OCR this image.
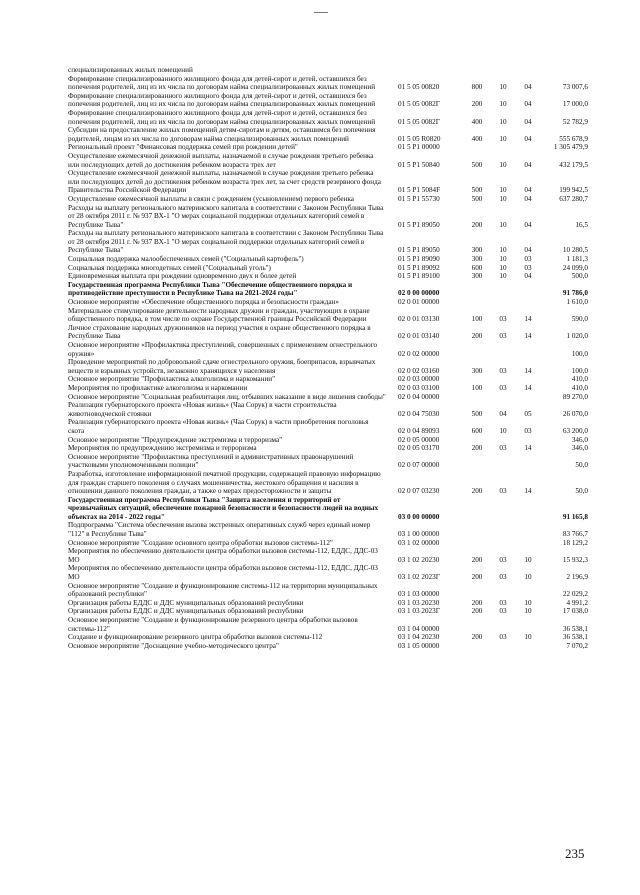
специализированных жилых помещений
Формирование специализированного жилищного фонда для детей-сирот и детей, оставшихся без попечения родителей, лиц из их числа по договорам найма специализированных жилых помещений	01 5 05 00820	800	10	04	73 007,6
Формирование специализированного жилищного фонда для детей-сирот и детей, оставшихся без попечения родителей, лиц из их числа по договорам найма специализированных жилых помещений	01 5 05 0082Г	200	10	04	17 000,0
Формирование специализированного жилищного фонда для детей-сирот и детей, оставшихся без попечения родителей, лиц из их числа по договорам найма специализированных жилых помещений	01 5 05 0082Г	400	10	04	52 782,9
Субсидии на предоставление жилых помещений детям-сиротам и детям, оставшимся без попечения родителей, лицам из их числа по договорам найма специализированных жилых помещений	01 5 05 R0820	400	10	04	555 678,9
Региональный проект "Финансовая поддержка семей при рождении детей"	01 5 P1 00000	1 305 479,9
Осуществление ежемесячной денежной выплаты, назначаемой в случае рождения третьего ребенка или последующих детей до достижения ребенком возраста трех лет	01 5 P1 50840	500	10	04	432 179,5
Осуществление ежемесячной денежной выплаты, назначаемой в случае рождения третьего ребенка или последующих детей до достижения ребенком возраста трех лет, за счет средств резервного фонда Правительства Российской Федерации	01 5 P1 5084F	500	10	04	199 942,5
Осуществление ежемесячной выплаты в связи с рождением (усыновлением) первого ребенка	01 5 P1 55730	500	10	04	637 280,7
Расходы на выплату регионального материнского капитала в соответствии с Законом Республики Тыва от 28 октября 2011 г. № 937 ВХ-1 "О мерах социальной поддержки отдельных категорий семей в Республике Тыва"	01 5 P1 89050	200	10	04	16,5
Расходы на выплату регионального материнского капитала в соответствии с Законом Республики Тыва от 28 октября 2011 г. № 937 ВХ-1 "О мерах социальной поддержки отдельных категорий семей в Республике Тыва"	01 5 P1 89050	300	10	04	10 280,5
Социальная поддержка малообеспеченных семей ("Социальный картофель")	01 5 P1 89090	300	10	03	1 181,3
Социальная поддержка многодетных семей ("Социальный уголь")	01 5 P1 89092	600	10	03	24 099,0
Единовременная выплата при рождении одновременно двух и более детей	01 5 P1 89100	300	10	04	500,0
Государственная программа Республики Тыва "Обеспечение общественного порядка и противодействие преступности в Республике Тыва на 2021-2024 годы"	02 0 00 00000	91 786,0
Основное мероприятие «Обеспечение общественного порядка и безопасности граждан»	02 0 01 00000	1 610,0
Материальное стимулирование деятельности народных дружин и граждан, участвующих в охране общественного порядка, в том числе по охране Государственной границы Российской Федерации	02 0 01 03130	100	03	14	590,0
Личное страхование народных дружинников на период участия в охране общественного порядка в Республике Тыва	02 0 01 03140	200	03	14	1 020,0
Основное мероприятие «Профилактика преступлений, совершенных с применением огнестрельного оружия»	02 0 02 00000	100,0
Проведение мероприятий по добровольной сдаче огнестрельного оружия, боеприпасов, взрывчатых веществ и взрывных устройств, незаконно хранящихся у населения	02 0 02 03160	300	03	14	100,0
Основное мероприятие "Профилактика алкоголизма и наркомании"	02 0 03 00000	410,0
Мероприятия по профилактике алкоголизма и наркомании	02 0 03 03100	100	03	14	410,0
Основное мероприятие "Социальная реабилитация лиц, отбывших наказание в виде лишения свободы" 02 0 04 00000	89 270,0
Реализация губернаторского проекта «Новая жизнь» (Чаа Сорук) в части строительства животноводческой стоянки	02 0 04 75030	500	04	05	26 070,0
Реализация губернаторского проекта «Новая жизнь» (Чаа Сорук) в части приобретения поголовья скота	02 0 04 89093	600	10	03	63 200,0
Основное мероприятие "Предупреждение экстремизма и терроризма"	02 0 05 00000	346,0
Мероприятия по предупреждению экстремизма и терроризма	02 0 05 03170	200	03	14	346,0
Основное мероприятие "Профилактика преступлений и административных правонарушений участковыми уполномоченными полиции"	02 0 07 00000	50,0
Разработка, изготовление информационной печатной продукции, содержащей правовую информацию для граждан старшего поколения о случаях мошенничества, жестокого обращения и насилия в отношении данного поколения граждан, а также о мерах предосторожности и защиты	02 0 07 03230	200	03	14	50,0
Государственная программа Республики Тыва "Защита населения и территорий от чрезвычайных ситуаций, обеспечение пожарной безопасности и безопасности людей на водных объектах на 2014 - 2022 годы"	03 0 00 00000	91 165,8
Подпрограмма "Система обеспечения вызова экстренных оперативных служб через единый номер "112" в Республике Тыва"	03 1 00 00000	83 766,7
Основное мероприятие "Создание основного центра обработки вызовов системы-112"	03 1 02 00000	18 129,2
Мероприятия по обеспечению деятельности центра обработки вызовов системы-112, ЕДДС, ДДС-03 МО	03 1 02 20230	200	03	10	15 932,3
Мероприятия по обеспечению деятельности центра обработки вызовов системы-112, ЕДДС, ДДС-03 МО	03 1 02 2023Г	200	03	10	2 196,9
Основное мероприятие "Создание и функционирование системы-112 на территории муниципальных образований республики"	03 1 03 00000	22 029,2
Организация работы ЕДДС и ДДС муниципальных образований республики	03 1 03 20230	200	03	10	4 991,2
Организация работы ЕДДС и ДДС муниципальных образований республики	03 1 03 2023Г	200	03	10	17 038,0
Основное мероприятие "Создание и функционирование резервного центра обработки вызовов системы-112"	03 1 04 00000	36 538,1
Создание и функционирование резервного центра обработки вызовов системы-112	03 1 04 20230	200	03	10	36 538,1
Основное мероприятие "Доснащение учебно-методического центра"	03 1 05 00000	7 070,2
235
